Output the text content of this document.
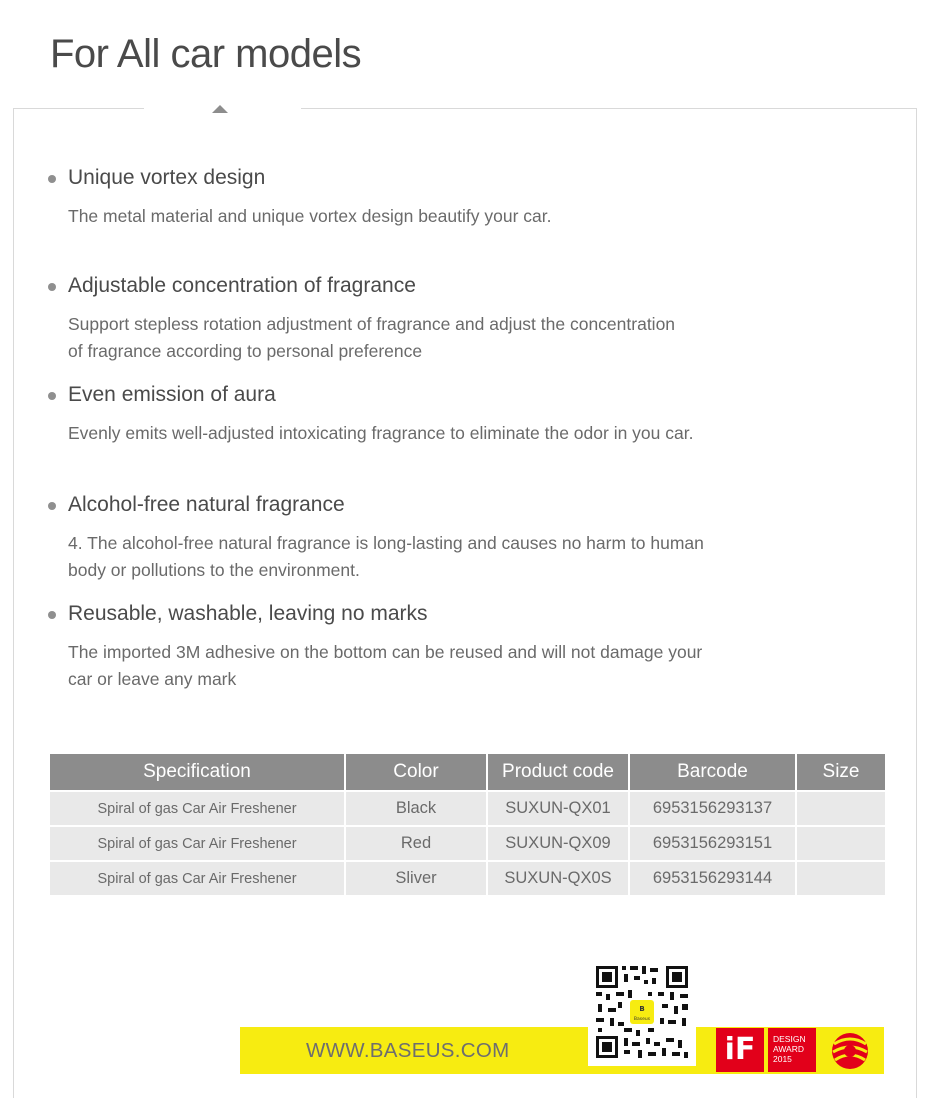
For All car models
Unique vortex design
The metal material and unique vortex design beautify your car.
Adjustable concentration of fragrance
Support stepless rotation adjustment of fragrance and adjust the concentration
of fragrance according to personal preference
Even emission of aura
Evenly emits well-adjusted intoxicating fragrance to eliminate the odor in you car.
Alcohol-free natural fragrance
4. The alcohol-free natural fragrance is long-lasting and causes no harm to human
body or pollutions to the environment.
Reusable, washable, leaving no marks
The imported 3M adhesive on the bottom can be reused and will not damage your
car or leave any mark
Specification	Color	Product code	Barcode	Size
Spiral of gas Car Air Freshener	Black	SUXUN-QX01	6953156293137	
Spiral of gas Car Air Freshener	Red	SUXUN-QX09	6953156293151	
Spiral of gas Car Air Freshener	Sliver	SUXUN-QX0S	6953156293144	
WWW.BASEUS.COM
B
Baseus
iF	DESIGN
AWARD
2015
